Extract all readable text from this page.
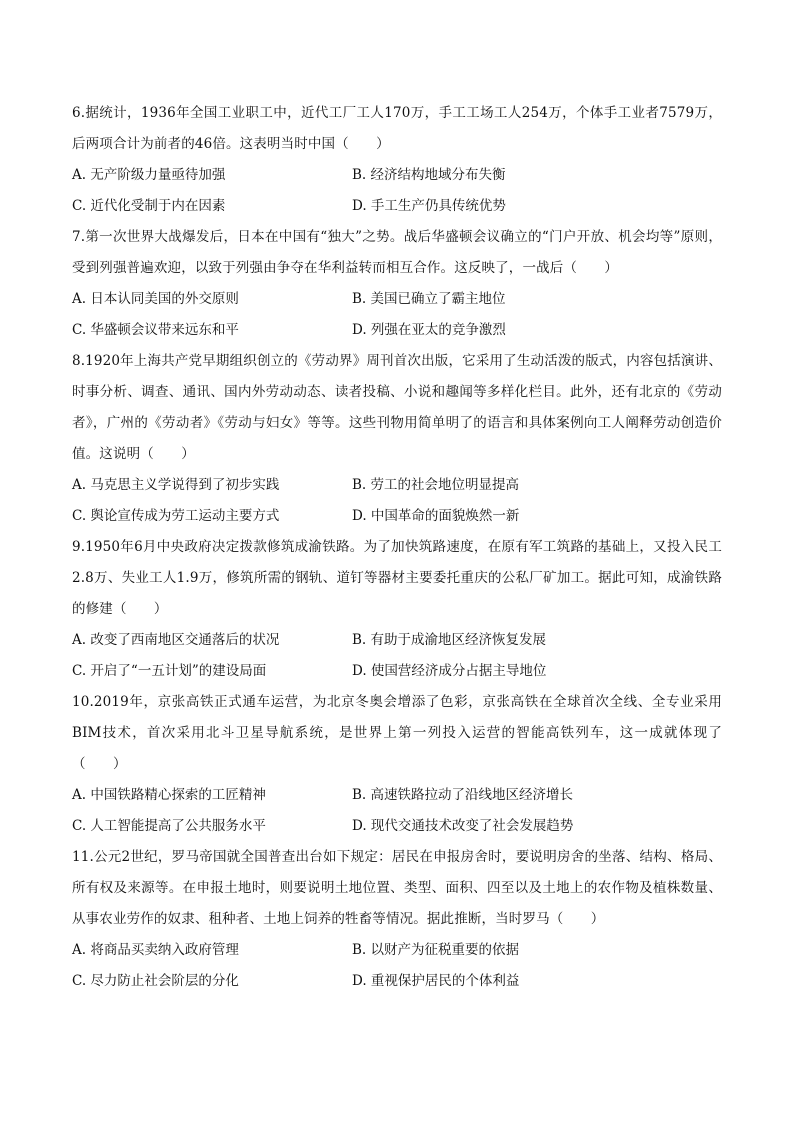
6.据统计，1936年全国工业职工中，近代工厂工人170万，手工工场工人254万，个体手工业者7579万，后两项合计为前者的46倍。这表明当时中国（　　）

A. 无产阶级力量亟待加强	B. 经济结构地域分布失衡
C. 近代化受制于内在因素	D. 手工生产仍具传统优势

7.第一次世界大战爆发后，日本在中国有“独大”之势。战后华盛顿会议确立的“门户开放、机会均等”原则，受到列强普遍欢迎，以致于列强由争夺在华利益转而相互合作。这反映了，一战后（　　）

A. 日本认同美国的外交原则	B. 美国已确立了霸主地位
C. 华盛顿会议带来远东和平	D. 列强在亚太的竞争激烈

8.1920年上海共产党早期组织创立的《劳动界》周刊首次出版，它采用了生动活泼的版式，内容包括演讲、时事分析、调查、通讯、国内外劳动动态、读者投稿、小说和趣闻等多样化栏目。此外，还有北京的《劳动者》，广州的《劳动者》《劳动与妇女》等等。这些刊物用简单明了的语言和具体案例向工人阐释劳动创造价值。这说明（　　）

A. 马克思主义学说得到了初步实践	B. 劳工的社会地位明显提高
C. 舆论宣传成为劳工运动主要方式	D. 中国革命的面貌焕然一新

9.1950年6月中央政府决定拨款修筑成渝铁路。为了加快筑路速度，在原有军工筑路的基础上，又投入民工2.8万、失业工人1.9万，修筑所需的钢轨、道钉等器材主要委托重庆的公私厂矿加工。据此可知，成渝铁路的修建（　　）

A. 改变了西南地区交通落后的状况	B. 有助于成渝地区经济恢复发展
C. 开启了“一五计划”的建设局面	D. 使国营经济成分占据主导地位

10.2019年，京张高铁正式通车运营，为北京冬奥会增添了色彩，京张高铁在全球首次全线、全专业采用BIM技术，首次采用北斗卫星导航系统，是世界上第一列投入运营的智能高铁列车，这一成就体现了（　　）

A. 中国铁路精心探索的工匠精神	B. 高速铁路拉动了沿线地区经济增长
C. 人工智能提高了公共服务水平	D. 现代交通技术改变了社会发展趋势

11.公元2世纪，罗马帝国就全国普查出台如下规定：居民在申报房舍时，要说明房舍的坐落、结构、格局、所有权及来源等。在申报土地时，则要说明土地位置、类型、面积、四至以及土地上的农作物及植株数量、从事农业劳作的奴隶、租种者、土地上饲养的牲畜等情况。据此推断，当时罗马（　　）

A. 将商品买卖纳入政府管理	B. 以财产为征税重要的依据
C. 尽力防止社会阶层的分化	D. 重视保护居民的个体利益
